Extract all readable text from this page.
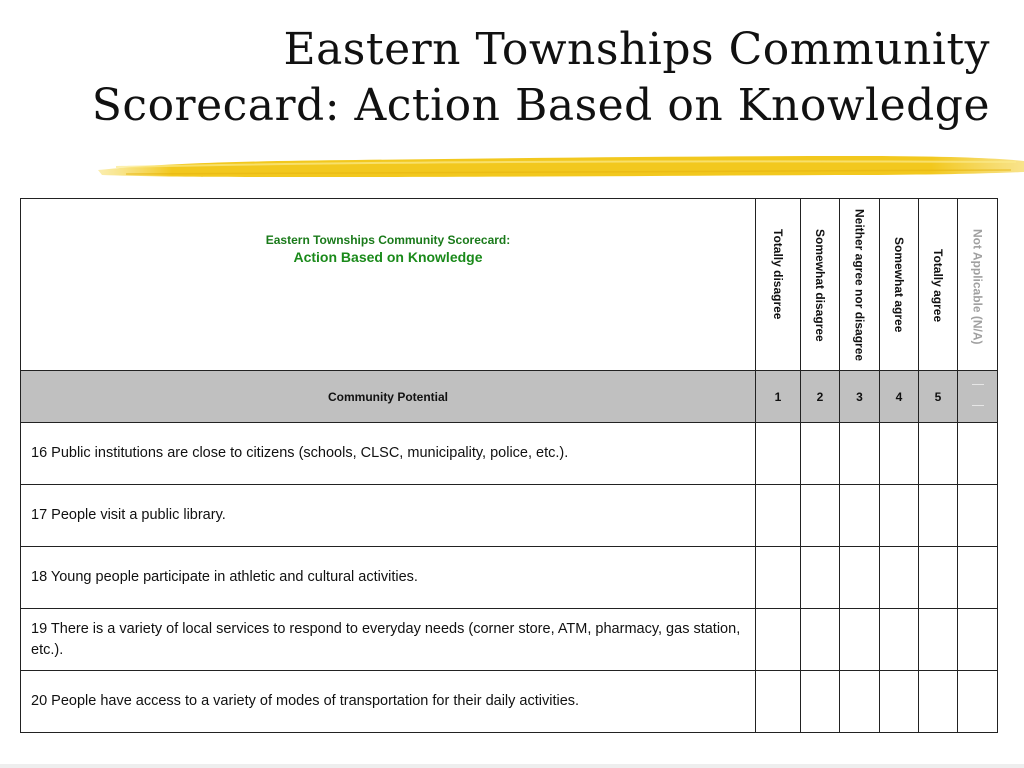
Eastern Townships Community
Scorecard: Action Based on Knowledge
Eastern Townships Community Scorecard:
Action Based on Knowledge	Totally disagree	Somewhat disagree	Neither agree nor disagree	Somewhat agree	Totally agree	Not Applicable (N/A)

Community Potential	1	2	3	4	5	
16 Public institutions are close to citizens (schools, CLSC, municipality, police, etc.).						
17 People visit a public library.						
18 Young people participate in athletic and cultural activities.						
19 There is a variety of local services to respond to everyday needs (corner store, ATM, pharmacy, gas station, etc.).						
20 People have access to a variety of modes of transportation for their daily activities.						
